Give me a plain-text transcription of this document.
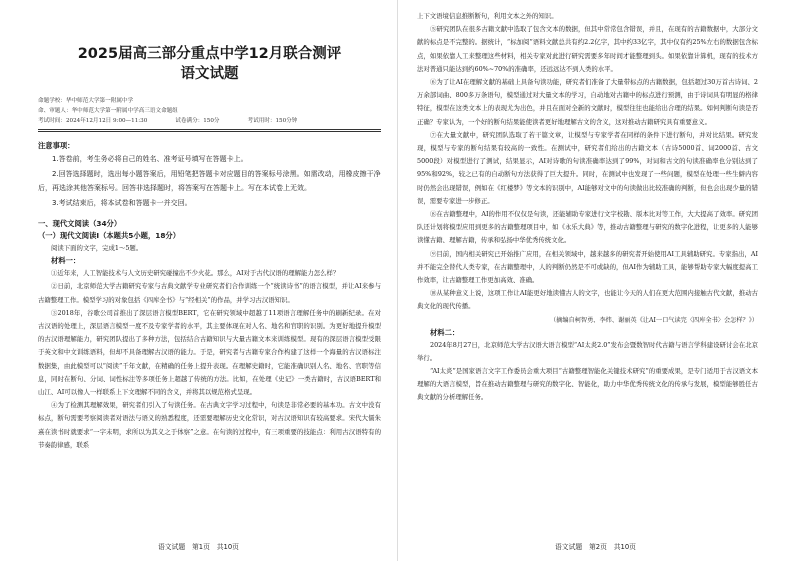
2025届高三部分重点中学12月联合测评
语文试题
命题学校：华中师范大学第一附属中学
命、审题人：华中师范大学第一附属中学高三语文命题组
考试时间：2024年12月12日 9:00—11:30	试卷满分：150分	考试用时：150分钟

注意事项：

1.答卷前，考生务必将自己的姓名、准考证号填写在答题卡上。

2.回答选择题时，选出每小题答案后，用铅笔把答题卡对应题目的答案标号涂黑。如需改动，用橡皮擦干净后，再选涂其他答案标号。回答非选择题时，将答案写在答题卡上。写在本试卷上无效。

3.考试结束后，将本试卷和答题卡一并交回。

一、现代文阅读（34分）

（一）现代文阅读Ⅰ（本题共5小题，18分）

阅读下面的文字，完成1～5题。

材料一：

①近年来，人工智能技术与人文历史研究碰撞出不少火花。那么，AI对于古代汉语的理解能力怎么样？

②日前，北京师范大学古籍研究专家与古典文献学专业研究者们合作训练一个“统读诗书”的语言模型，并让AI来参与古籍整理工作。模型学习的对象包括《四库全书》与“经相关”的作品，并学习古汉语知识。

③2018年，谷歌公司首推出了深层语言模型BERT，它在研究领域中超越了11项语言理解任务中的刷新纪录。在对古汉语的处理上，深层语言模型一度不及专家学者的水平，其主要体现在对人名、地名和官职的识别。为更好地提升模型的古汉语理解能力，研究团队提出了多种方法，包括结合古籍知识与大量古籍文本来训练模型。现有的深层语言模型受限于英文和中文训练语料，但却不具备理解古汉语的能力。于是，研究者与古籍专家合作构建了这样一个海量的古汉语标注数据集，由此模型可以“阅读”千年文献，在精确的任务上提升表现。在理解史籍时，它能准确识别人名、地名、官职等信息，同时在断句、分词、词性标注等多项任务上超越了传统的方法。比如，在处理《史记》一类古籍时，古汉语BERT和山江、AI可以像人一样联系上下文理解不同的含义，并将其以规范格式呈现。

④为了检测其理解效果，研究者们引入了句读任务。在古典文字学习过程中，句读是非常必要的基本功。古文中没有标点，断句需要考察阅读者对语法与语义的熟悉程度，还需要理解历史文化常识，对古汉语知识有较高要求。宋代大儒朱熹在读书时就要求“一字未明，求所以为其义之于体察”之意。在句读的过程中，有三项重要的技能点：利用古汉语特有的节奏韵律感，联系

语文试题　第1页　共10页

上下文语境信息推断断句，利用文本之外的知识。

⑤研究团队在很多古籍文献中选取了包含文本的数据，但其中常常包含错误，并且，在现有的古籍数据中，大部分文献的标点是不完整的。据统计，“标加阅”语料文献总共有约2.2亿字，其中约33亿字，其中仅有约25%左右的数据包含标点，如果依靠人工来整理这些材料，相关专家对此进行研究需要多年时间才能整理到头。如果依靠计算机，现有的技术方法对普通只能达到约60%~70%的准确率，还远远达不到人类的水平。

⑥为了让AI在理解文献的基础上具备句读功能，研究者们准备了大量带标点的古籍数据，包括超过30万首古诗词、2万余部词曲、800多万条语句，模型通过对大量文本的学习，自动地对古籍中的标点进行预测，由于诗词具有明显的格律特征，模型在这类文本上的表现尤为出色，并且在面对全新的文献时，模型往往也能给出合理的结果。如何判断句读是否正确？专家认为，一个好的断句结果能使读者更好地理解古文的含义，这对推动古籍研究具有重要意义。

⑦在大量文献中，研究团队选取了若干篇文章，让模型与专家学者在同样的条件下进行断句，并对比结果。研究发现，模型与专家的断句结果有较高的一致性。在测试中，研究者们给出的古籍文本（古诗5000首、词2000首、古文5000段）对模型进行了测试，结果显示，AI对诗歌的句读准确率达到了99%，对词和古文的句读准确率也分别达到了95%和92%，较之已有的自动断句方法获得了巨大提升。同时，在测试中也发现了一些问题，模型在处理一些生僻内容时仍然会出现错误，例如在《红楼梦》等文本的识别中，AI能够对文中的句读做出比较准确的判断，但也会出现少量的错误，需要专家进一步修正。

⑧在古籍整理中，AI的作用不仅仅是句读，还能辅助专家进行文字校勘、版本比对等工作，大大提高了效率。研究团队还计划将模型应用到更多的古籍整理项目中，如《永乐大典》等，推动古籍整理与研究的数字化进程，让更多的人能够读懂古籍、理解古籍，传承和弘扬中华优秀传统文化。

⑨目前，国内相关研究已开始推广应用，在相关领域中，越来越多的研究者开始使用AI工具辅助研究。专家指出，AI并不能完全替代人类专家，在古籍整理中，人的判断仍然是不可或缺的，但AI作为辅助工具，能够帮助专家大幅度提高工作效率，让古籍整理工作更加高效、准确。

⑩从某种意义上说，这项工作让AI能更好地读懂古人的文字，也能让今天的人们在更大范围内接触古代文献，推动古典文化的现代传播。

（摘编自柯智勇、李炜、谢丽英《让AI一口气读完〈四库全书〉会怎样？》）

材料二：

2024年8月27日，北京师范大学古汉语大语言模型“AI太炎2.0”发布会暨数智时代古籍与语言学科建设研讨会在北京举行。

“AI太炎”是国家语言文字工作委员会重大项目“古籍整理智能化关键技术研究”的重要成果，是专门适用于古汉语文本理解的大语言模型，旨在推动古籍整理与研究的数字化、智能化，助力中华优秀传统文化的传承与发展，模型能够胜任古典文献的分析理解任务。

语文试题　第2页　共10页
